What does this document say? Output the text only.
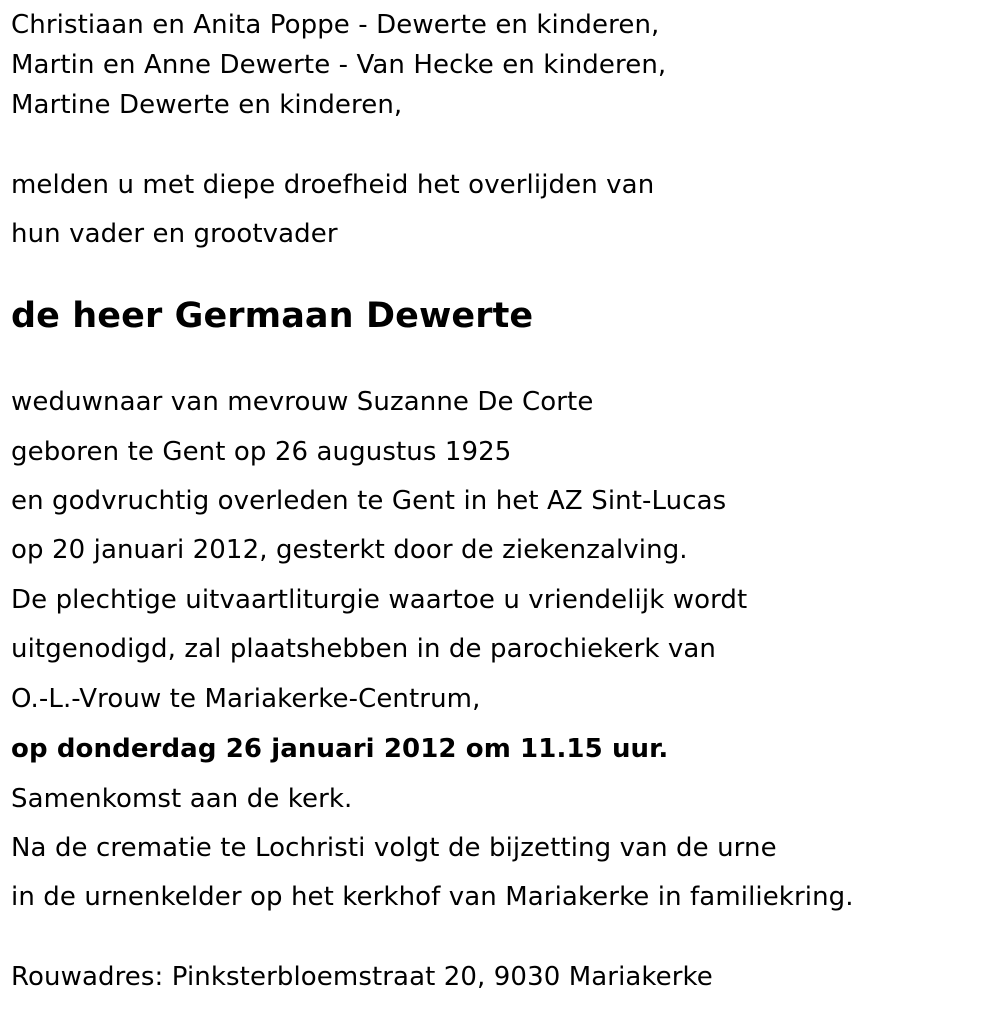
Christiaan en Anita Poppe - Dewerte en kinderen,
Martin en Anne Dewerte - Van Hecke en kinderen,
Martine Dewerte en kinderen,
melden u met diepe droefheid het overlijden van
hun vader en grootvader
de heer Germaan Dewerte
weduwnaar van mevrouw Suzanne De Corte
geboren te Gent op 26 augustus 1925
en godvruchtig overleden te Gent in het AZ Sint-Lucas
op 20 januari 2012, gesterkt door de ziekenzalving.
De plechtige uitvaartliturgie waartoe u vriendelijk wordt
uitgenodigd, zal plaatshebben in de parochiekerk van
O.-L.-Vrouw te Mariakerke-Centrum,
op donderdag 26 januari 2012 om 11.15 uur.
Samenkomst aan de kerk.
Na de crematie te Lochristi volgt de bijzetting van de urne
in de urnenkelder op het kerkhof van Mariakerke in familiekring.
Rouwadres: Pinksterbloemstraat 20, 9030 Mariakerke
